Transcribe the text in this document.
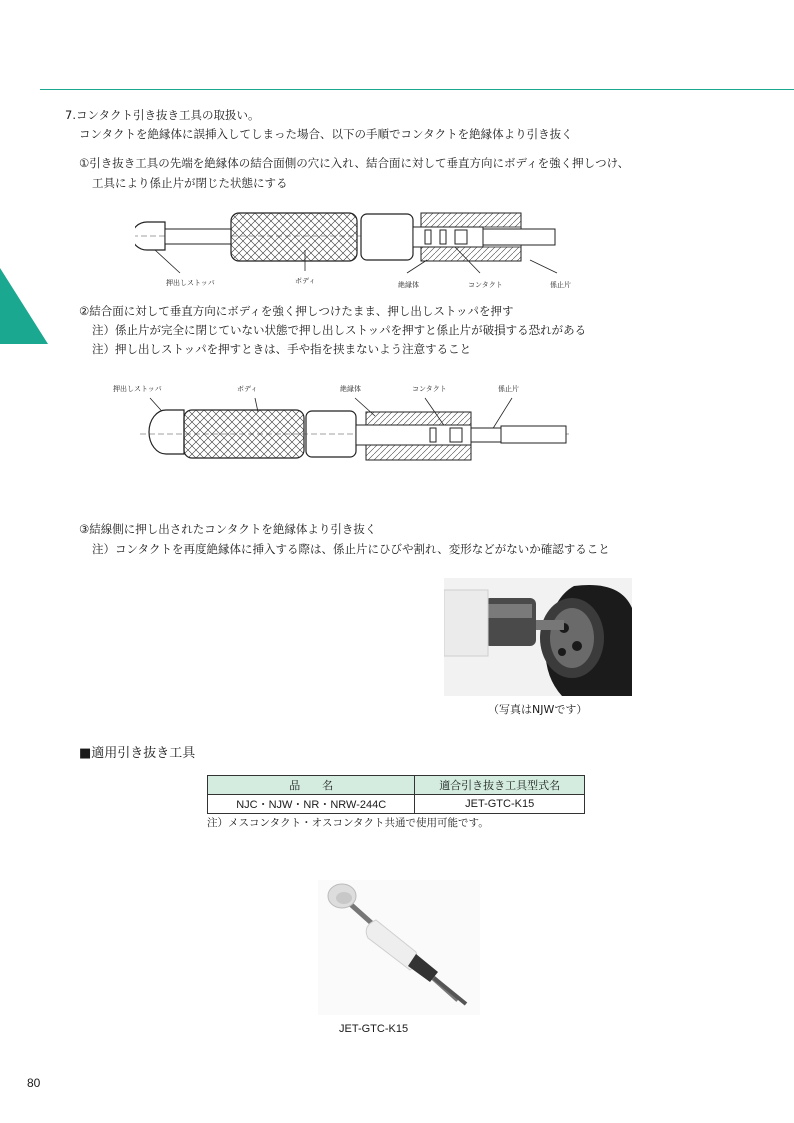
7.コンタクト引き抜き工具の取扱い。
コンタクトを絶縁体に誤挿入してしまった場合、以下の手順でコンタクトを絶縁体より引き抜く
①引き抜き工具の先端を絶縁体の結合面側の穴に入れ、結合面に対して垂直方向にボディを強く押しつけ、
工具により係止片が閉じた状態にする
押出しストッパ	ボディ	絶縁体	コンタクト	係止片
②結合面に対して垂直方向にボディを強く押しつけたまま、押し出しストッパを押す
注）係止片が完全に閉じていない状態で押し出しストッパを押すと係止片が破損する恐れがある
注）押し出しストッパを押すときは、手や指を挟まないよう注意すること
押出しストッパ	ボディ	絶縁体	コンタクト	係止片
③結線側に押し出されたコンタクトを絶縁体より引き抜く
注）コンタクトを再度絶縁体に挿入する際は、係止片にひびや割れ、変形などがないか確認すること
（写真はNJWです）
■適用引き抜き工具
品　　名	適合引き抜き工具型式名
NJC・NJW・NR・NRW-244C	JET-GTC-K15
注）メスコンタクト・オスコンタクト共通で使用可能です。
JET-GTC-K15
80
